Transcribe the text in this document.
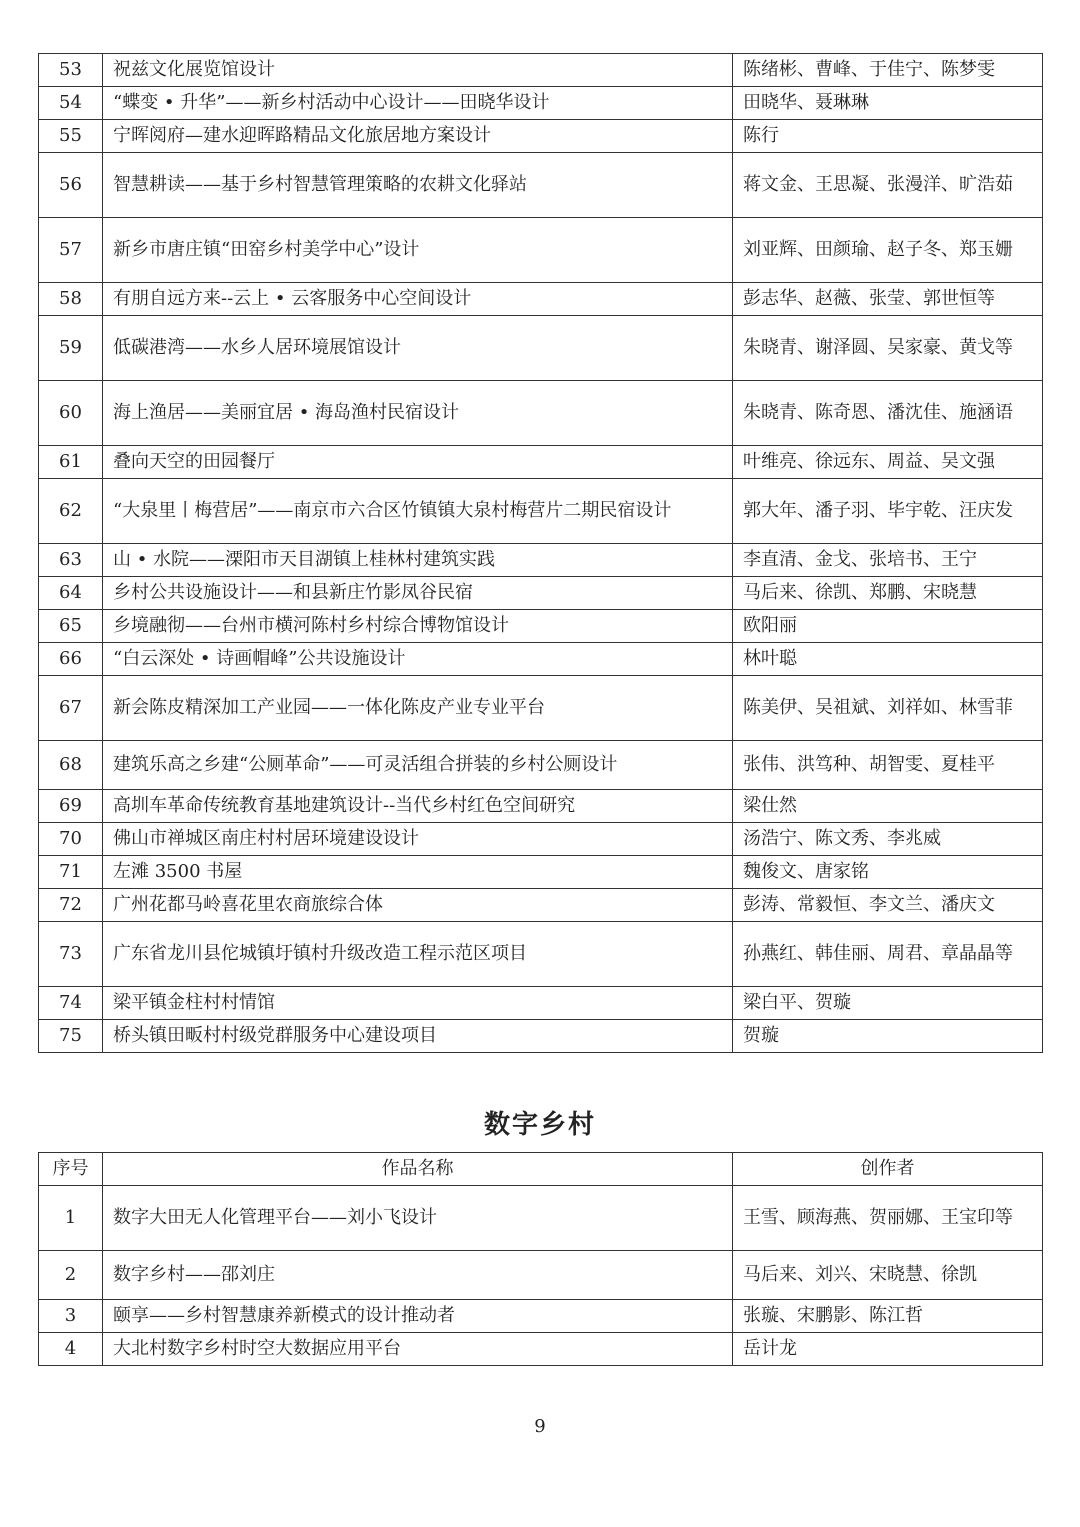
53	祝兹文化展览馆设计	陈绪彬、曹峰、于佳宁、陈梦雯
54	“蝶变 • 升华”——新乡村活动中心设计——田晓华设计	田晓华、聂琳琳
55	宁晖阅府—建水迎晖路精品文化旅居地方案设计	陈行
56	智慧耕读——基于乡村智慧管理策略的农耕文化驿站	蒋文金、王思凝、张漫洋、旷浩茹
57	新乡市唐庄镇“田窑乡村美学中心”设计	刘亚辉、田颜瑜、赵子冬、郑玉姗
58	有朋自远方来--云上 • 云客服务中心空间设计	彭志华、赵薇、张莹、郭世恒等
59	低碳港湾——水乡人居环境展馆设计	朱晓青、谢泽圆、吴家豪、黄戈等
60	海上渔居——美丽宜居 • 海岛渔村民宿设计	朱晓青、陈奇恩、潘沈佳、施涵语
61	叠向天空的田园餐厅	叶维亮、徐远东、周益、吴文强
62	“大泉里丨梅营居”——南京市六合区竹镇镇大泉村梅营片二期民宿设计	郭大年、潘子羽、毕宇乾、汪庆发
63	山 • 水院——溧阳市天目湖镇上桂林村建筑实践	李直清、金戈、张培书、王宁
64	乡村公共设施设计——和县新庄竹影凤谷民宿	马后来、徐凯、郑鹏、宋晓慧
65	乡境融彻——台州市横河陈村乡村综合博物馆设计	欧阳丽
66	“白云深处 • 诗画帽峰”公共设施设计	林叶聪
67	新会陈皮精深加工产业园——一体化陈皮产业专业平台	陈美伊、吴祖斌、刘祥如、林雪菲
68	建筑乐高之乡建“公厕革命”——可灵活组合拼装的乡村公厕设计	张伟、洪笃种、胡智雯、夏桂平
69	高圳车革命传统教育基地建筑设计--当代乡村红色空间研究	梁仕然
70	佛山市禅城区南庄村村居环境建设设计	汤浩宁、陈文秀、李兆威
71	左滩 3500 书屋	魏俊文、唐家铭
72	广州花都马岭喜花里农商旅综合体	彭涛、常毅恒、李文兰、潘庆文
73	广东省龙川县佗城镇圩镇村升级改造工程示范区项目	孙燕红、韩佳丽、周君、章晶晶等
74	梁平镇金柱村村情馆	梁白平、贺璇
75	桥头镇田畈村村级党群服务中心建设项目	贺璇
数字乡村
序号	作品名称	创作者
1	数字大田无人化管理平台——刘小飞设计	王雪、顾海燕、贺丽娜、王宝印等
2	数字乡村——邵刘庄	马后来、刘兴、宋晓慧、徐凯
3	颐享——乡村智慧康养新模式的设计推动者	张璇、宋鹏影、陈江哲
4	大北村数字乡村时空大数据应用平台	岳计龙
9
